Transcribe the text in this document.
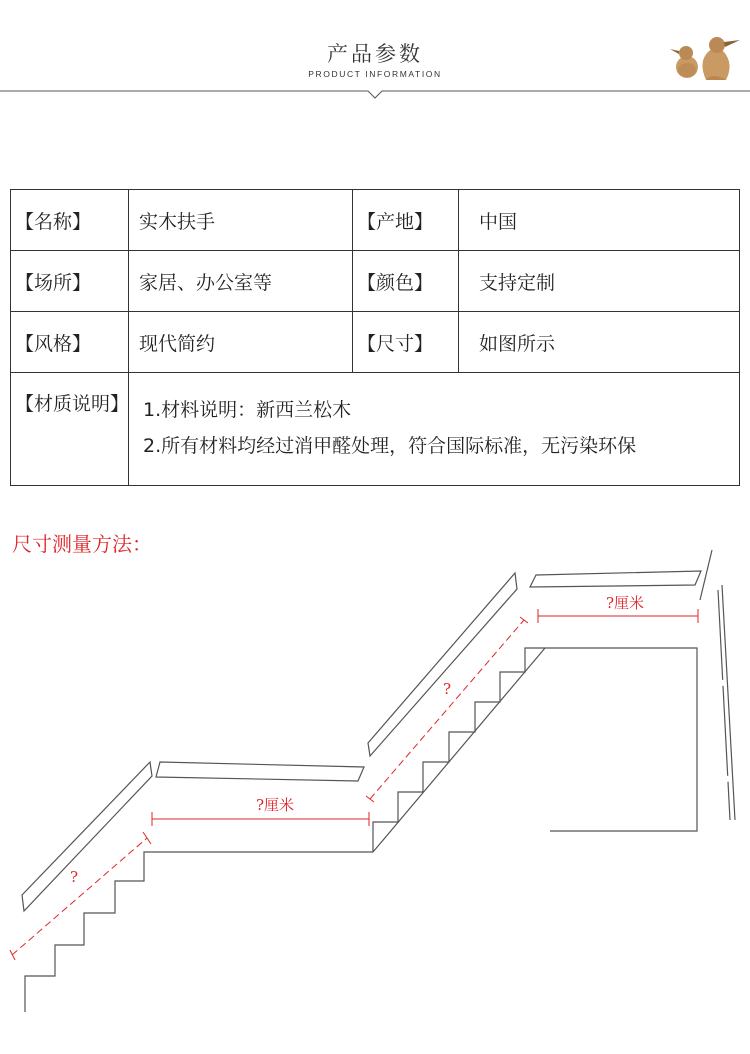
产品参数
PRODUCT INFORMATION
【名称】	实木扶手	【产地】	中国
【场所】	家居、办公室等	【颜色】	支持定制
【风格】	现代简约	【尺寸】	如图所示
【材质说明】	1.材料说明：新西兰松木
2.所有材料均经过消甲醛处理，符合国际标准，无污染环保		
尺寸测量方法：
?
?厘米
?
?厘米
